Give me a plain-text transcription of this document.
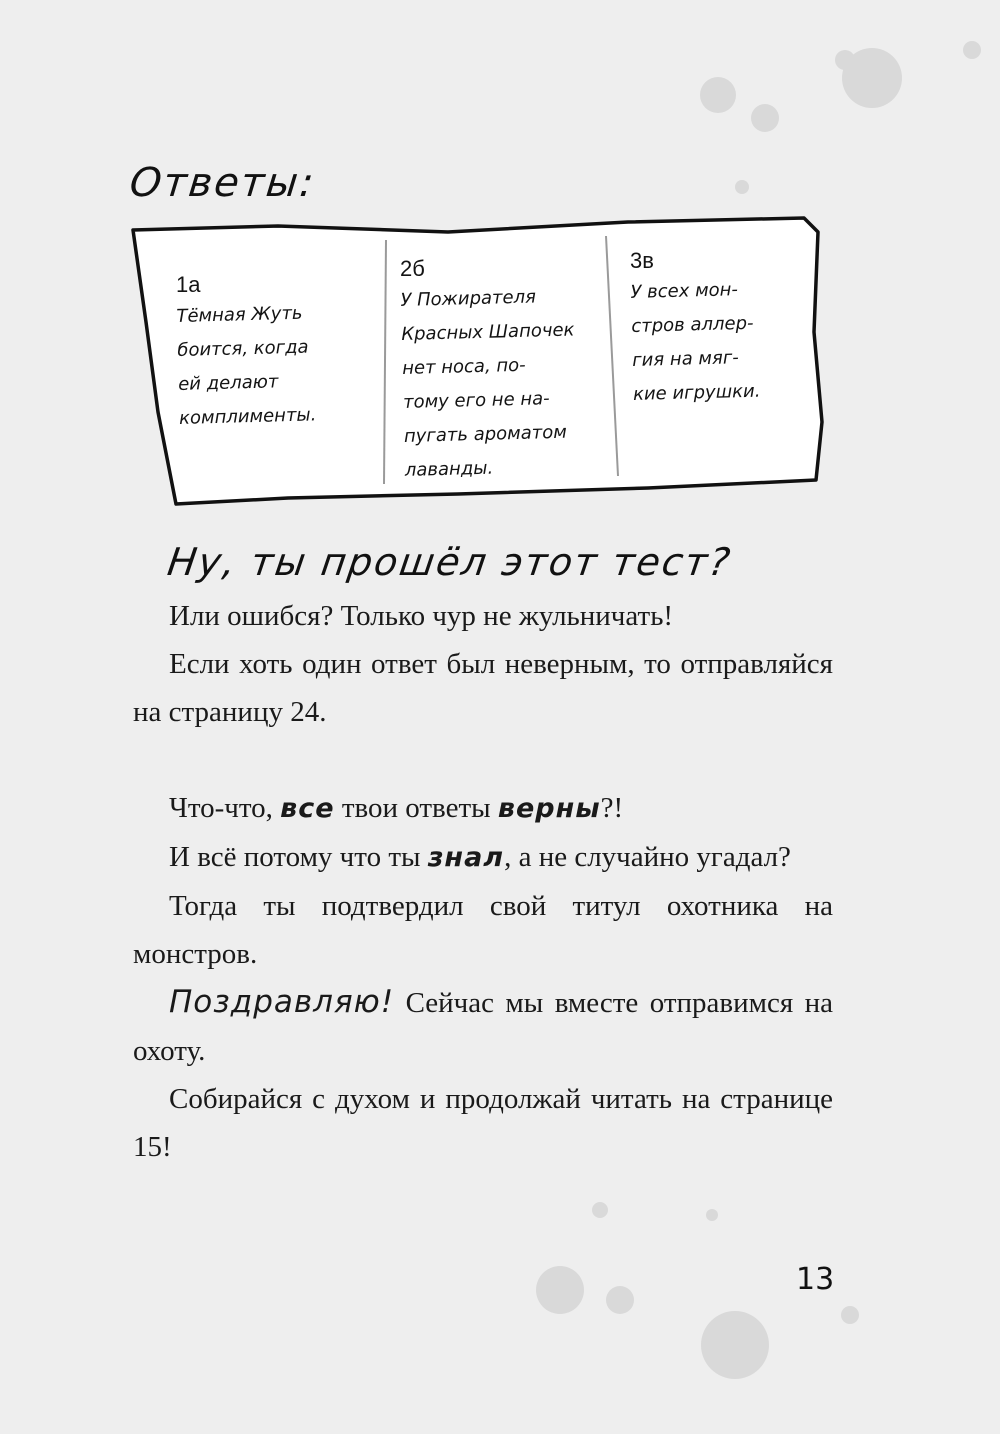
Ответы:
1а
Тёмная Жуть
боится, когда
ей делают
комплименты.
2б
У Пожирателя
Красных Шапочек
нет носа, по-
тому его не на-
пугать ароматом
лаванды.
3в
У всех мон-
стров аллер-
гия на мяг-
кие игрушки.
Ну, ты прошёл этот тест?

Или ошибся? Только чур не жульничать!

Если хоть один ответ был неверным, то отправляйся на страницу 24.

Что-что, все твои ответы верны?!

И всё потому что ты знал, а не случайно угадал?

Тогда ты подтвердил свой титул охотника на монстров.

Поздравляю! Сейчас мы вместе отправимся на охоту.

Собирайся с духом и продолжай читать на странице 15!

13
